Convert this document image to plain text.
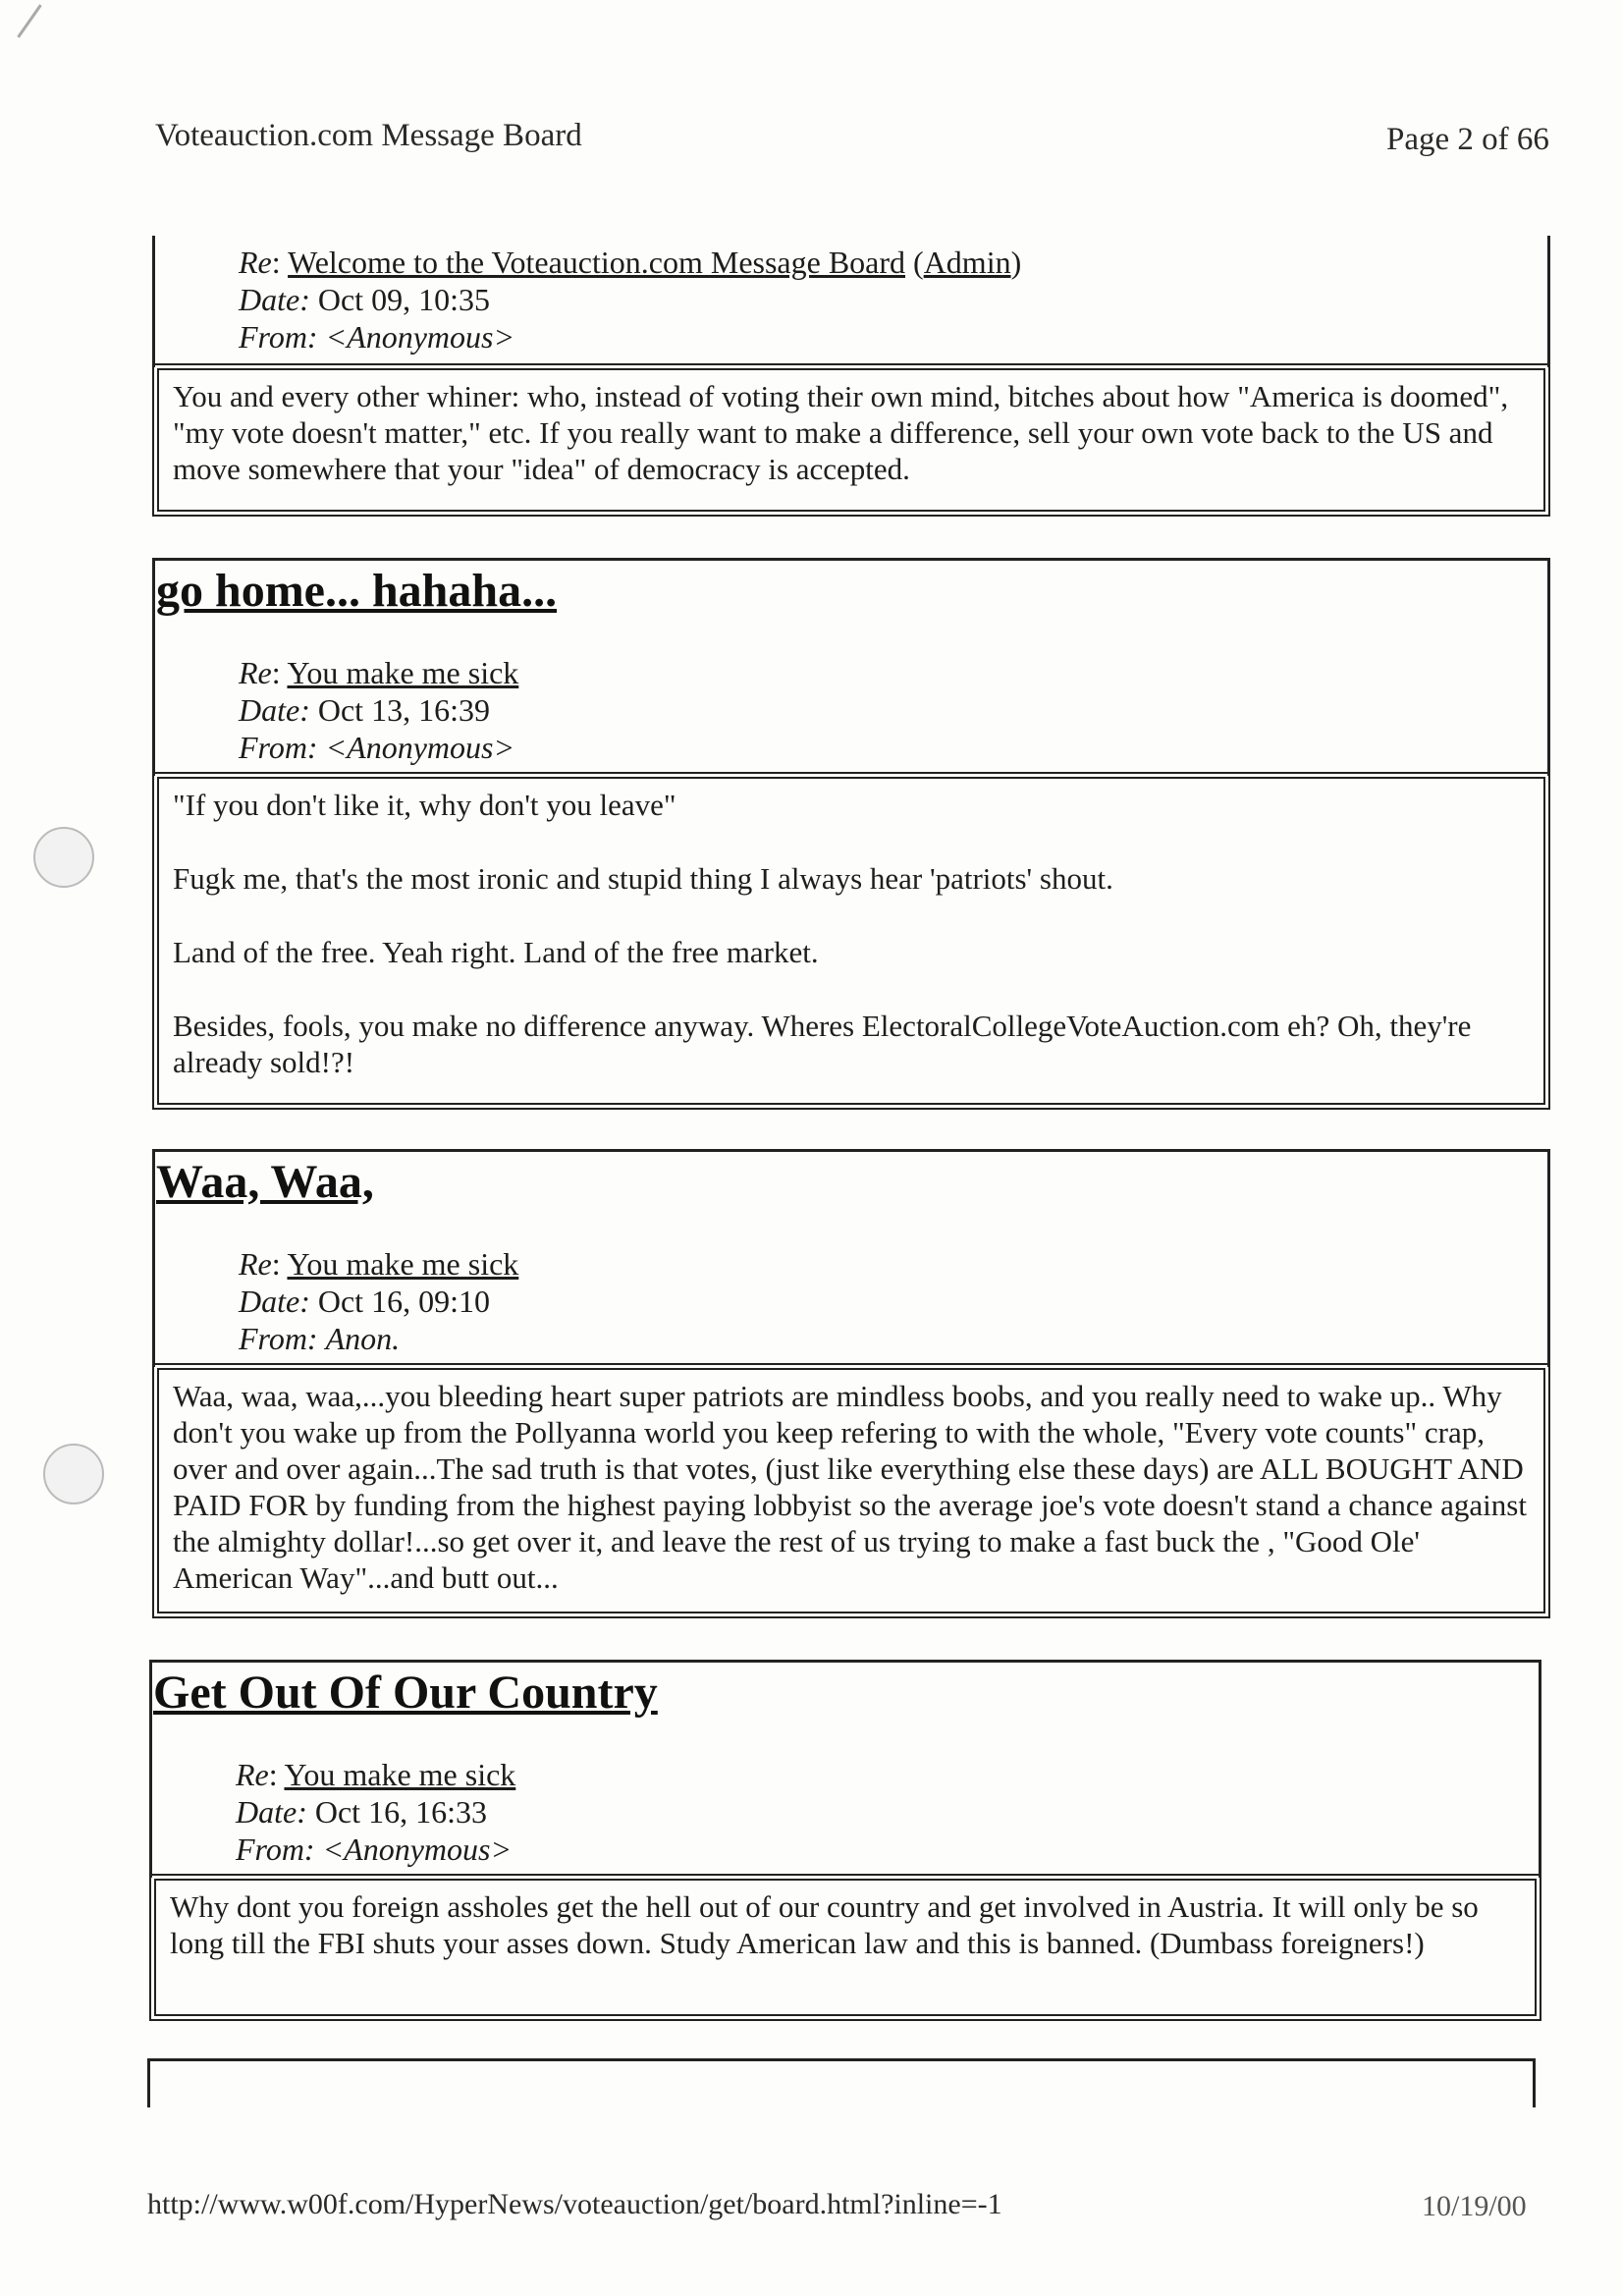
Voteauction.com Message Board	Page 2 of 66
Re: Welcome to the Voteauction.com Message Board (Admin)
Date: Oct 09, 10:35
From: <Anonymous>

You and every other whiner: who, instead of voting their own mind, bitches about how "America is doomed", "my vote doesn't matter," etc. If you really want to make a difference, sell your own vote back to the US and move somewhere that your "idea" of democracy is accepted.

go home... hahaha...
Re: You make me sick
Date: Oct 13, 16:39
From: <Anonymous>

"If you don't like it, why don't you leave"

Fugk me, that's the most ironic and stupid thing I always hear 'patriots' shout.

Land of the free. Yeah right. Land of the free market.

Besides, fools, you make no difference anyway. Wheres ElectoralCollegeVoteAuction.com eh? Oh, they're already sold!?!

Waa, Waa,
Re: You make me sick
Date: Oct 16, 09:10
From: Anon.

Waa, waa, waa,...you bleeding heart super patriots are mindless boobs, and you really need to wake up.. Why don't you wake up from the Pollyanna world you keep refering to with the whole, "Every vote counts" crap, over and over again...The sad truth is that votes, (just like everything else these days) are ALL BOUGHT AND PAID FOR by funding from the highest paying lobbyist so the average joe's vote doesn't stand a chance against the almighty dollar!...so get over it, and leave the rest of us trying to make a fast buck the , "Good Ole' American Way"...and butt out...

Get Out Of Our Country
Re: You make me sick
Date: Oct 16, 16:33
From: <Anonymous>

Why dont you foreign assholes get the hell out of our country and get involved in Austria. It will only be so long till the FBI shuts your asses down. Study American law and this is banned. (Dumbass foreigners!)

http://www.w00f.com/HyperNews/voteauction/get/board.html?inline=-1	10/19/00
